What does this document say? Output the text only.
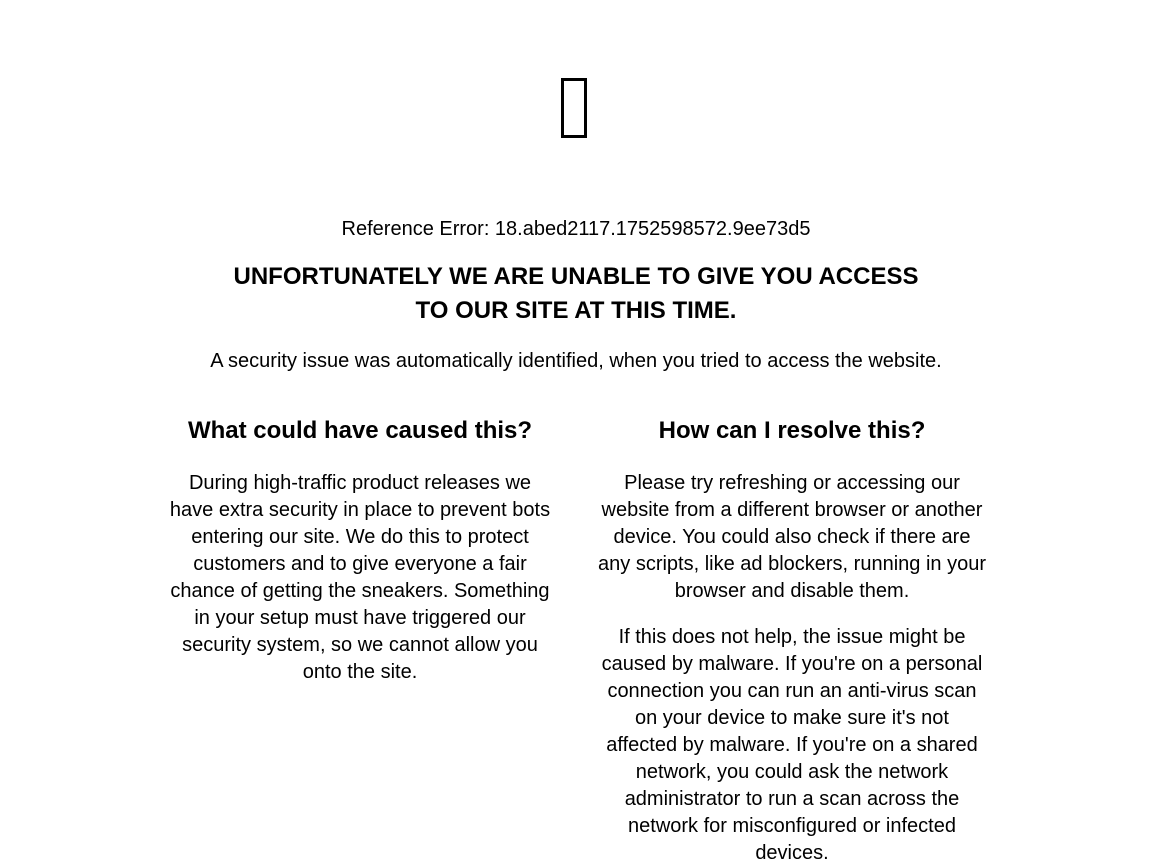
Reference Error: 18.abed2117.1752598572.9ee73d5
UNFORTUNATELY WE ARE UNABLE TO GIVE YOU ACCESS TO OUR SITE AT THIS TIME.

A security issue was automatically identified, when you tried to access the website.

What could have caused this?

During high-traffic product releases we have extra security in place to prevent bots entering our site. We do this to protect customers and to give everyone a fair chance of getting the sneakers. Something in your setup must have triggered our security system, so we cannot allow you onto the site.

How can I resolve this?

Please try refreshing or accessing our website from a different browser or another device. You could also check if there are any scripts, like ad blockers, running in your browser and disable them.

If this does not help, the issue might be caused by malware. If you're on a personal connection you can run an anti-virus scan on your device to make sure it's not affected by malware. If you're on a shared network, you could ask the network administrator to run a scan across the network for misconfigured or infected devices.
